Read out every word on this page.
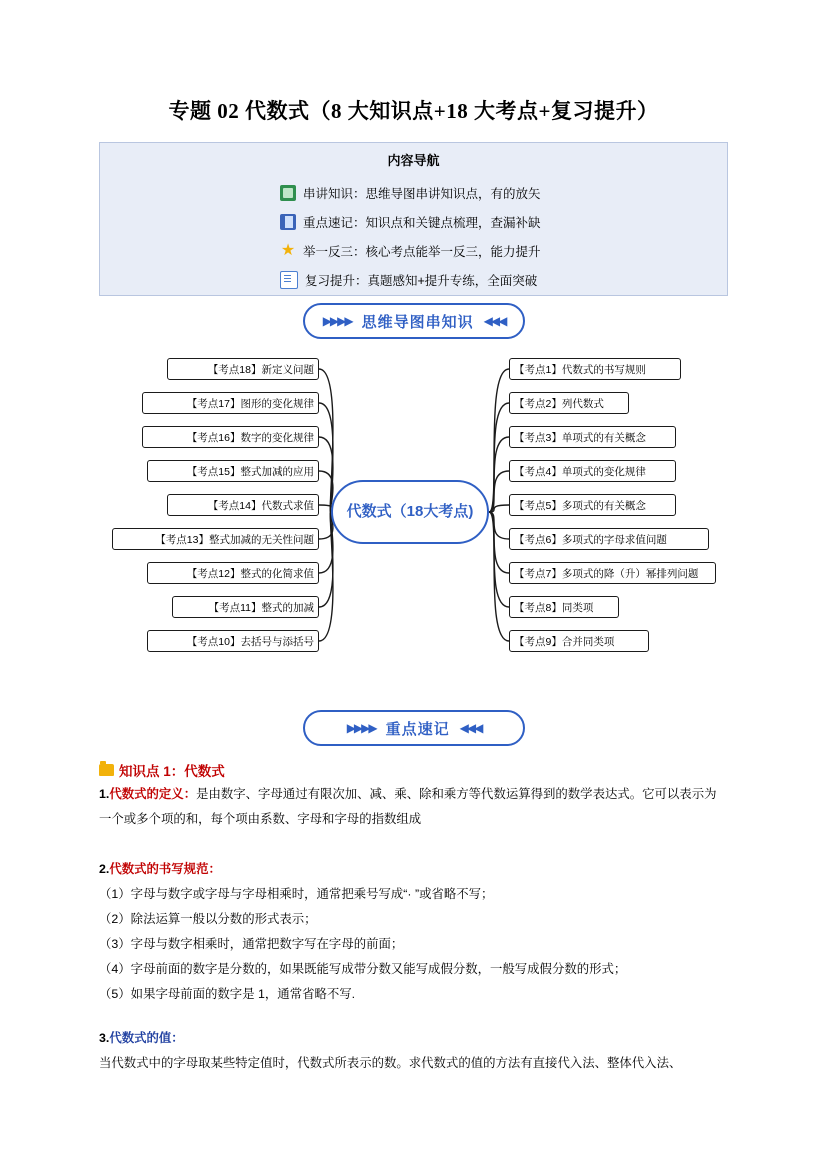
专题 02 代数式（8 大知识点+18 大考点+复习提升）
内容导航
串讲知识：思维导图串讲知识点，有的放矢
重点速记：知识点和关键点梳理，查漏补缺
★ 举一反三：核心考点能举一反三，能力提升
复习提升：真题感知+提升专练，全面突破
▶▶▶▶ 思维导图串知识 ◀◀◀
【考点18】新定义问题
【考点17】图形的变化规律
【考点16】数字的变化规律
【考点15】整式加减的应用
【考点14】代数式求值
【考点13】整式加减的无关性问题
【考点12】整式的化简求值
【考点11】整式的加减
【考点10】去括号与添括号
代数式（18大考点)
【考点1】代数式的书写规则
【考点2】列代数式
【考点3】单项式的有关概念
【考点4】单项式的变化规律
【考点5】多项式的有关概念
【考点6】多项式的字母求值问题
【考点7】多项式的降（升）幂排列问题
【考点8】同类项
【考点9】合并同类项
▶▶▶▶ 重点速记 ◀◀◀
知识点 1 ： 代数式

1.代数式的定义：是由数字、字母通过有限次加、减、乘、除和乘方等代数运算得到的数学表达式。它可以表示为一个或多个项的和，每个项由系数、字母和字母的指数组成

2.代数式的书写规范：

（1）字母与数字或字母与字母相乘时，通常把乘号写成“· ”或省略不写；

（2）除法运算一般以分数的形式表示；

（3）字母与数字相乘时，通常把数字写在字母的前面；

（4）字母前面的数字是分数的，如果既能写成带分数又能写成假分数，一般写成假分数的形式；

（5）如果字母前面的数字是 1，通常省略不写.

3.代数式的值：

当代数式中的字母取某些特定值时，代数式所表示的数。求代数式的值的方法有直接代入法、整体代入法、
